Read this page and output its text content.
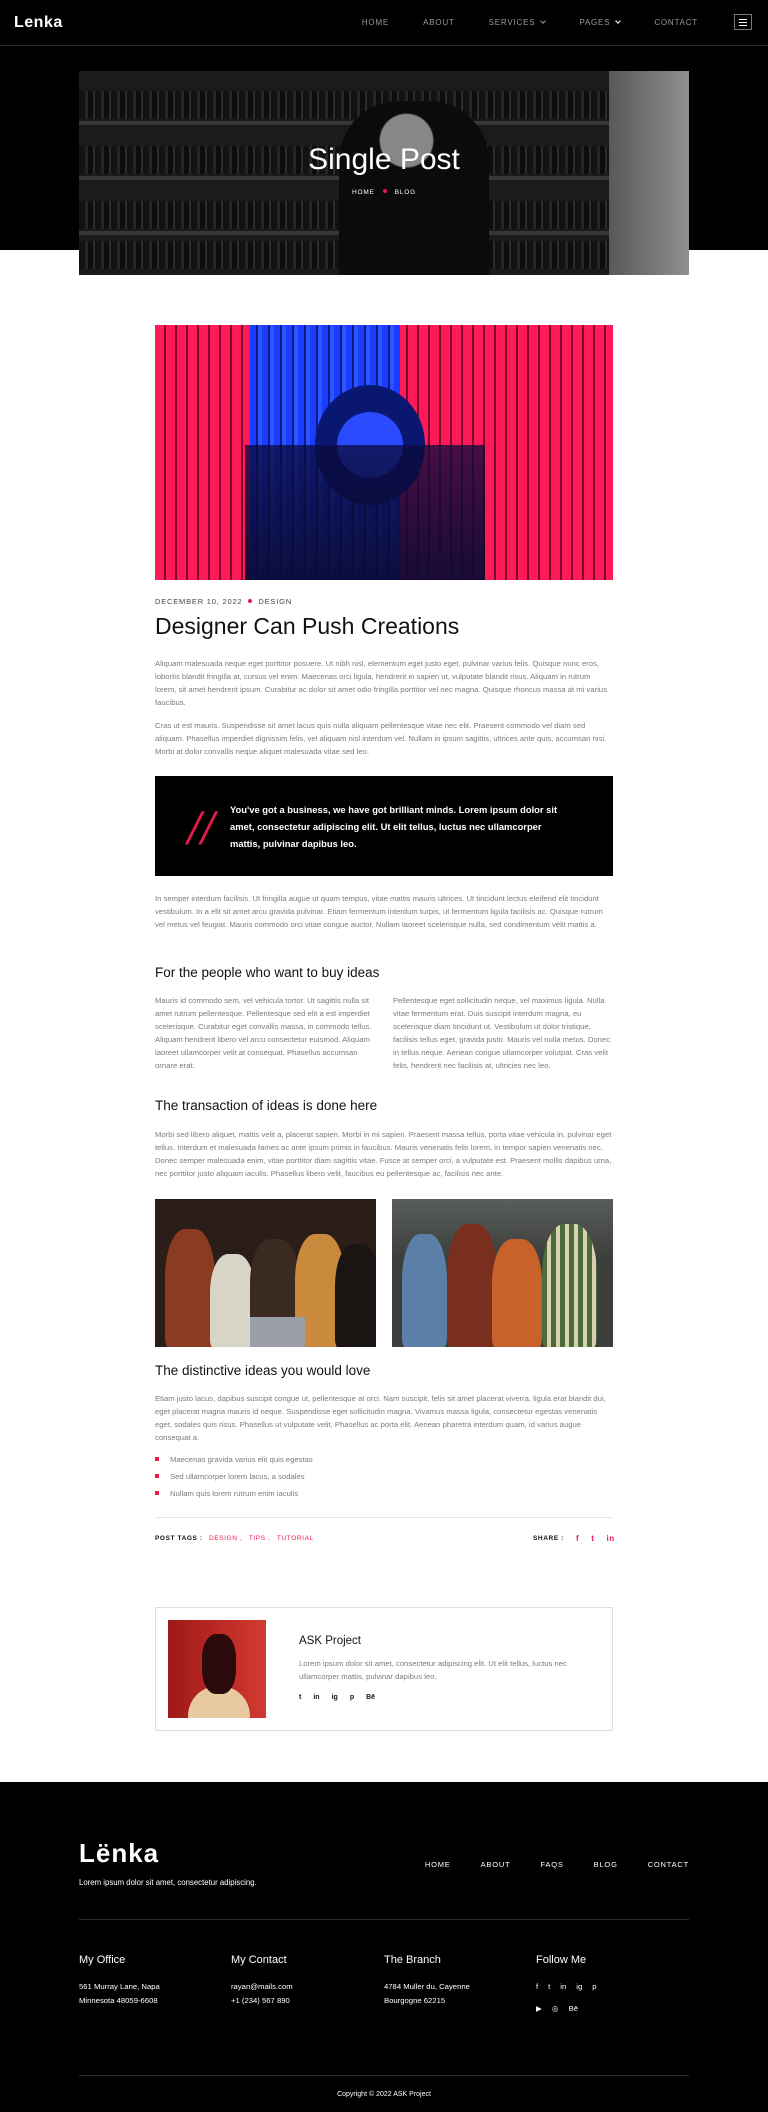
Lenka	HOME	ABOUT	SERVICES	PAGES	CONTACT
Single Post
HOME	BLOG
DECEMBER 10, 2022 DESIGN
Designer Can Push Creations

Aliquam malesuada neque eget porttitor posuere. Ut nibh nisl, elementum eget justo eget, pulvinar varius felis. Quisque nunc eros, lobortis blandit fringilla at, cursus vel enim. Maecenas orci ligula, hendrerit in sapien ut, vulputate blandit risus. Aliquam in rutrum lorem, sit amet hendrerit ipsum. Curabitur ac dolor sit amet odio fringilla porttitor vel nec magna. Quisque rhoncus massa at mi varius faucibus.

Cras ut est mauris. Suspendisse sit amet lacus quis nulla aliquam pellentesque vitae nec elit. Praesent commodo vel diam sed aliquam. Phasellus imperdiet dignissim felis, vel aliquam nisl interdum vel. Nullam in ipsum sagittis, ultrices ante quis, accumsan nisi. Morbi at dolor convallis neque aliquet malesuada vitae sed leo.

// You've got a business, we have got brilliant minds. Lorem ipsum dolor sit amet, consectetur adipiscing elit. Ut elit tellus, luctus nec ullamcorper mattis, pulvinar dapibus leo.

In semper interdum facilisis. Ut fringilla augue ut quam tempus, vitae mattis mauris ultrices. Ut tincidunt lectus eleifend elit tincidunt vestibulum. In a elit sit amet arcu gravida pulvinar. Etiam fermentum interdum turpis, ut fermentum ligula facilisis ac. Quisque rutrum vel metus vel feugiat. Mauris commodo orci vitae congue auctor. Nullam laoreet scelerisque nulla, sed condimentum velit mattis a.

For the people who want to buy ideas
Mauris id commodo sem, vel vehicula tortor. Ut sagittis nulla sit amet rutrum pellentesque. Pellentesque sed elit a est imperdiet scelerisque. Curabitur eget convallis massa, in commodo tellus. Aliquam hendrerit libero vel arcu consectetur euismod. Aliquam laoreet ullamcorper velit at consequat. Phasellus accumsan ornare erat.
Pellentesque eget sollicitudin neque, vel maximus ligula. Nulla vitae fermentum erat. Duis suscipit interdum magna, eu scelerisque diam tincidunt ut. Vestibulum ut dolor tristique, facilisis tellus eget, gravida justo. Mauris vel nulla metus. Donec in tellus neque. Aenean congue ullamcorper volutpat. Cras velit felis, hendrerit nec facilisis at, ultricies nec leo.
The transaction of ideas is done here

Morbi sed libero aliquet, mattis velit a, placerat sapien. Morbi in mi sapien. Praesent massa tellus, porta vitae vehicula in, pulvinar eget tellus. Interdum et malesuada fames ac ante ipsum primis in faucibus. Mauris venenatis felis lorem, in tempor sapien venenatis nec. Donec semper malesuada enim, vitae porttitor diam sagittis vitae. Fusce at semper orci, a vulputate est. Praesent mollis dapibus urna, nec porttitor justo aliquam iaculis. Phasellus libero velit, faucibus eu pellentesque ac, facilisis nec ante.

The distinctive ideas you would love

Etiam justo lacus, dapibus suscipit congue ut, pellentesque at orci. Nam suscipit, felis sit amet placerat viverra, ligula erat blandit dui, eget placerat magna mauris id neque. Suspendisse eget sollicitudin magna. Vivamus massa ligula, consectetur egestas venenatis eget, sodales quis risus. Phasellus ut vulputate velit. Phasellus ac porta elit. Aenean pharetra interdum quam, id varius augue consequat a.

Maecenas gravida varius elit quis egestas
Sed ullamcorper lorem lacus, a sodales
Nullam quis lorem rutrum enim iaculis
POST TAGS : DESIGN , TIPS , TUTORIAL	SHARE : f t in
ASK Project

Lorem ipsum dolor sit amet, consectetur adipiscing elit. Ut elit tellus, luctus nec ullamcorper mattis, pulvinar dapibus leo.

t in ig p Bē
Lënka
Lorem ipsum dolor sit amet, consectetur adipiscing.
HOME	ABOUT	FAQS	BLOG	CONTACT
My Office
561 Murray Lane, Napa
Minnesota 48059-6608
My Contact
rayan@mails.com
+1 (234) 567 890
The Branch
4784 Muller du, Cayenne
Bourgogne 62215
Follow Me
f t in ig p
▶ ◎ Bē
Copyright © 2022 ASK Project
